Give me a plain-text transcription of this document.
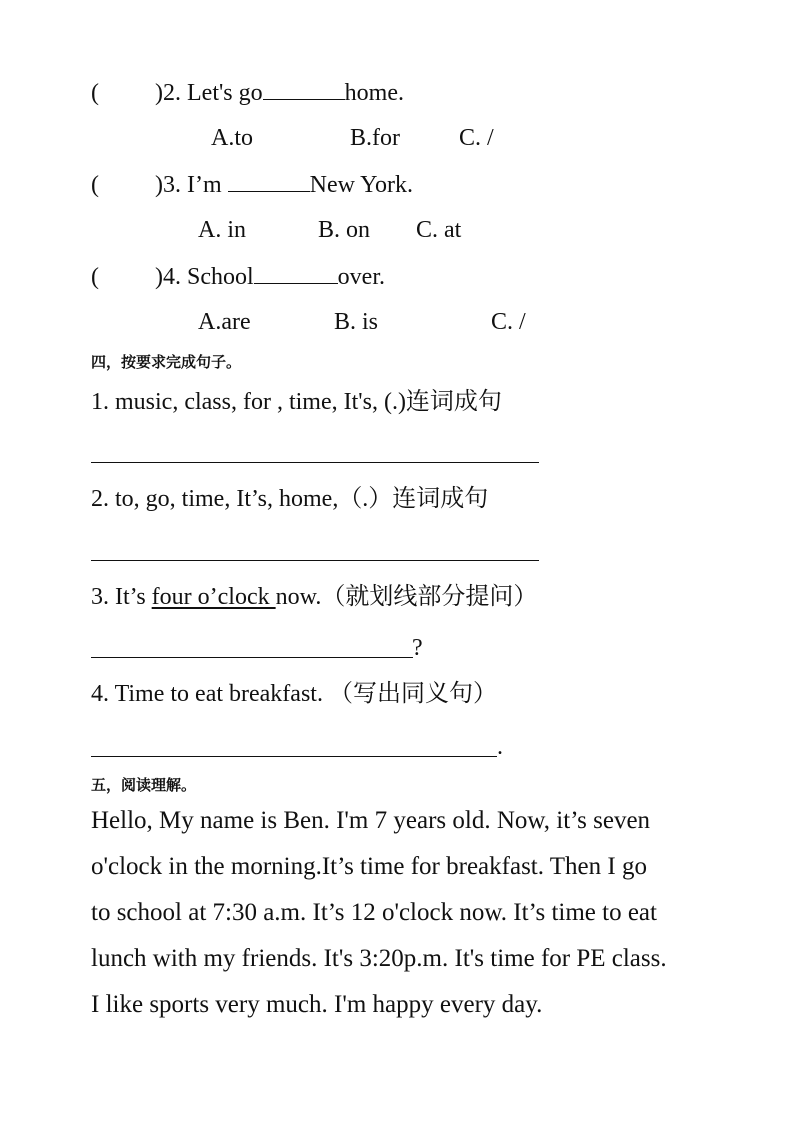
( )2. Let's go	home.
A.to	B.for C. /
( )3. I’m	New York.
A. in	B. on C. at
( )4. School	over.
A.are	B. is	C. /
四，按要求完成句子。
1. music, class, for , time, It's, (.)连词成句
2. to, go, time, It’s, home,（.）连词成句
3. It’s four o’clock now.（就划线部分提问）
?
4. Time to eat breakfast. （写出同义句）
.
五，阅读理解。
Hello, My name is Ben. I'm 7 years old. Now, it’s seven
o'clock in the morning.It’s time for breakfast. Then I go
to school at 7:30 a.m. It’s 12 o'clock now. It’s time to eat
lunch with my friends. It's 3:20p.m. It's time for PE class.
I like sports very much. I'm happy every day.
